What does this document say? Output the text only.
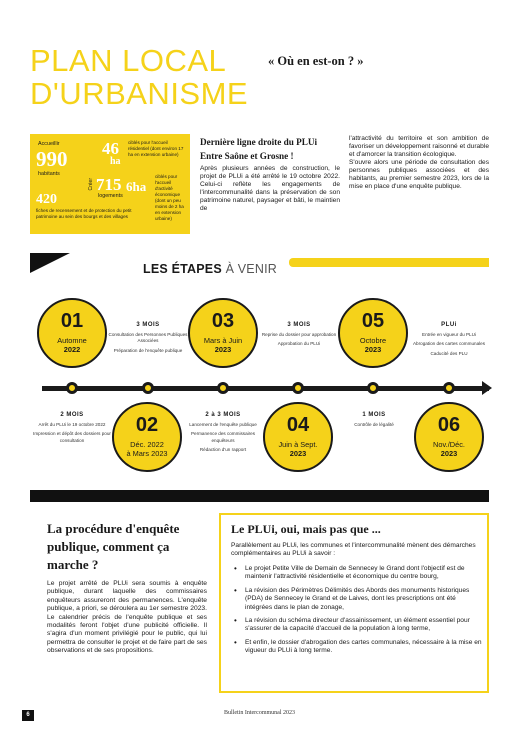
PLAN LOCAL
D'URBANISME
« Où en est-on ? »
Accueillir
990
habitants
46
ha
ciblés pour l'accueil résidentiel (dont environ 17 ha en extension urbaine)
Créer 715
logements
6ha
ciblés pour l'accueil d'activité économique (dont un peu moins de 2 ha en extension urbaine)
420
fiches de recensement et de protection du petit patrimoine au sein des bourgs et des villages
Dernière ligne droite du PLUi Entre Saône et Grosne !
Après plusieurs années de construction, le projet de PLUi a été arrêté le 19 octobre 2022. Celui-ci reflète les engagements de l'intercommunalité dans la préservation de son patrimoine naturel, paysager et bâti, le maintien de
l'attractivité du territoire et son ambition de favoriser un développement raisonné et durable et d'amorcer la transition écologique.
S'ouvre alors une période de consultation des personnes publiques associées et des habitants, au premier semestre 2023, lors de la mise en place d'une enquête publique.
LES ÉTAPES À VENIR
01
Automne
2022
03
Mars à Juin
2023
05
Octobre
2023
02
Déc. 2022
à Mars 2023
04
Juin à Sept.
2023
06
Nov./Déc.
2023
3 MOIS
Consultation des Personnes Publiques Associées
Préparation de l'enquête publique
3 MOIS
Reprise du dossier pour approbation
Approbation du PLUi
PLUi
Entrée en vigueur du PLUi
Abrogation des cartes communales
Caducité des PLU
2 MOIS
Arrêt du PLUi le 19 octobre 2022
Impression et dépôt des dossiers pour consultation
2 à 3 MOIS
Lancement de l'enquête publique
Permanence des commissaires enquêteurs
Rédaction d'un rapport
1 MOIS
Contrôle de légalité
La procédure d'enquête publique, comment ça marche ?
Le projet arrêté de PLUi sera soumis à enquête publique, durant laquelle des commissaires enquêteurs assureront des permanences. L'enquête publique, a priori, se déroulera au 1er semestre 2023. Le calendrier précis de l'enquête publique et ses modalités feront l'objet d'une publicité officielle. Il s'agira d'un moment privilégié pour le public, qui lui permettra de consulter le projet et de faire part de ses observations et de ses propositions.
Le PLUi, oui, mais pas que ...
Parallèlement au PLUi, les communes et l'intercommunalité mènent des démarches complémentaires au PLUi à savoir :
• Le projet Petite Ville de Demain de Sennecey le Grand dont l'objectif est de maintenir l'attractivité résidentielle et économique du centre bourg,
• La révision des Périmètres Délimités des Abords des monuments historiques (PDA) de Sennecey le Grand et de Laives, dont les prescriptions ont été intégrées dans le plan de zonage,
• La révision du schéma directeur d'assainissement, un élément essentiel pour s'assurer de la capacité d'accueil de la population à long terme,
• Et enfin, le dossier d'abrogation des cartes communales, nécessaire à la mise en vigueur du PLUi à long terme.
Bulletin Intercommunal 2023
6
